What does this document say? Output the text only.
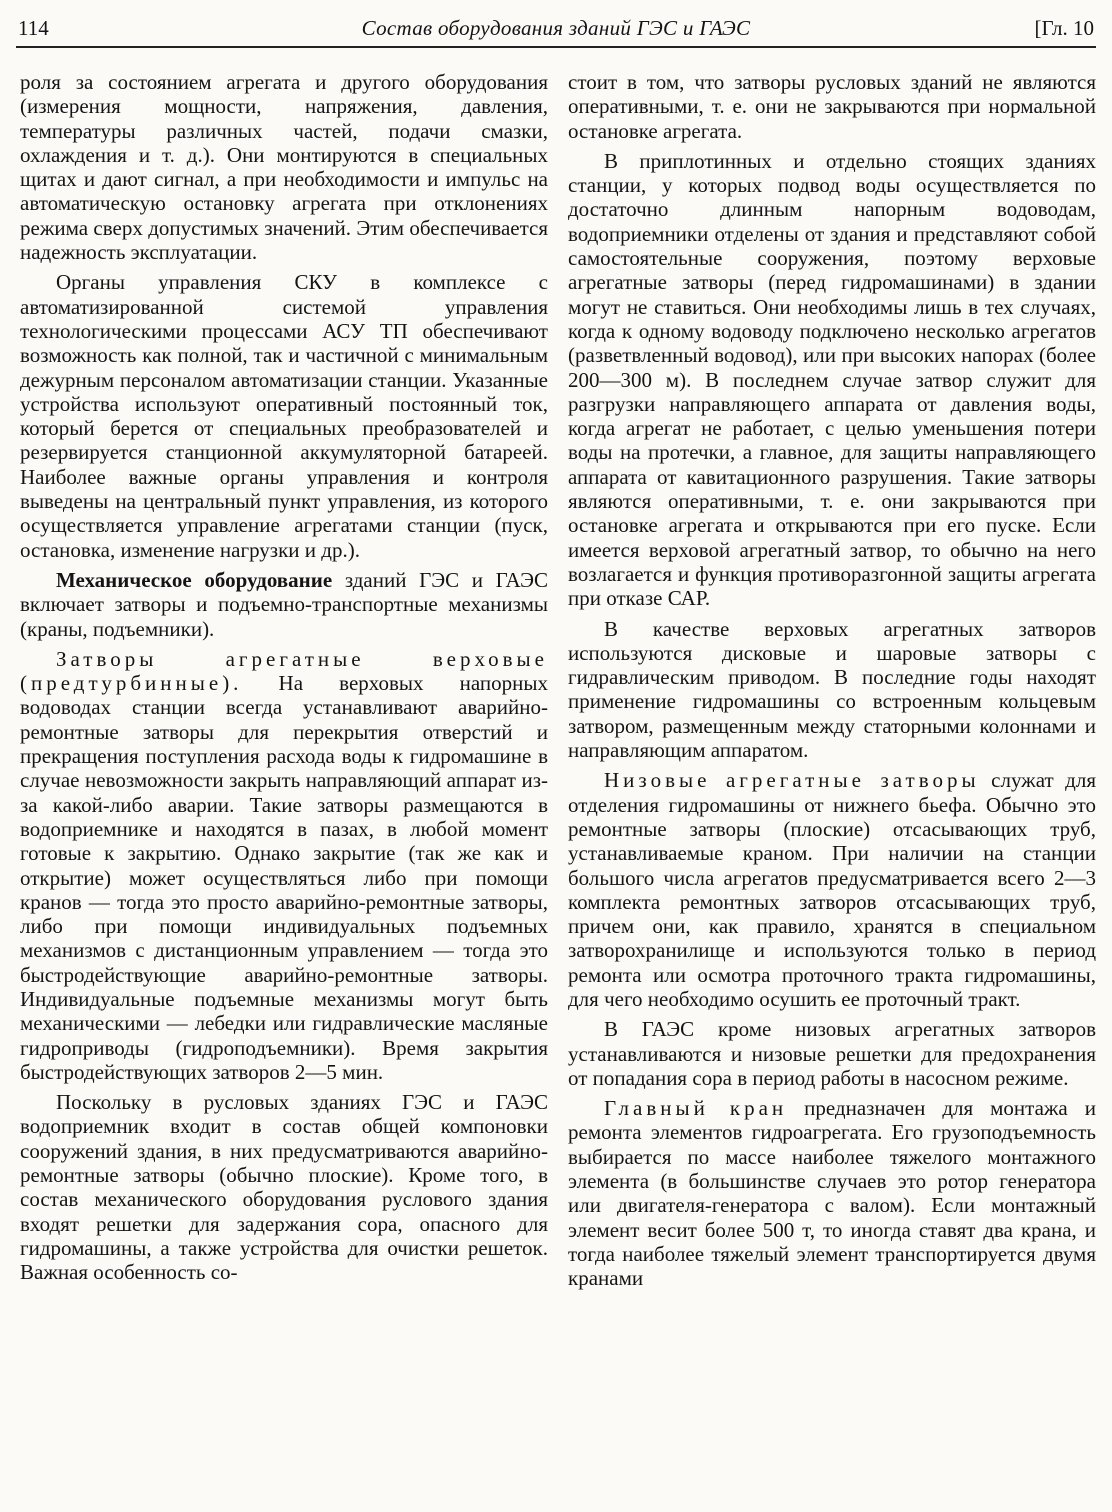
114	Состав оборудования зданий ГЭС и ГАЭС	[Гл. 10

роля за состоянием агрегата и другого оборудования (измерения мощности, напряжения, давления, температуры различных частей, подачи смазки, охлаждения и т. д.). Они монтируются в специальных щитах и дают сигнал, а при необходимости и импульс на автоматическую остановку агрегата при отклонениях режима сверх допустимых значений. Этим обеспечивается надежность эксплуатации.

Органы управления СКУ в комплексе с автоматизированной системой управления технологическими процессами АСУ ТП обеспечивают возможность как полной, так и частичной с минимальным дежурным персоналом автоматизации станции. Указанные устройства используют оперативный постоянный ток, который берется от специальных преобразователей и резервируется станционной аккумуляторной батареей. Наиболее важные органы управления и контроля выведены на центральный пункт управления, из которого осуществляется управление агрегатами станции (пуск, остановка, изменение нагрузки и др.).

Механическое оборудование зданий ГЭС и ГАЭС включает затворы и подъемно-транспортные механизмы (краны, подъемники).

Затворы агрегатные верховые (предтурбинные). На верховых напорных водоводах станции всегда устанавливают аварийно-ремонтные затворы для перекрытия отверстий и прекращения поступления расхода воды к гидромашине в случае невозможности закрыть направляющий аппарат из-за какой-либо аварии. Такие затворы размещаются в водоприемнике и находятся в пазах, в любой момент готовые к закрытию. Однако закрытие (так же как и открытие) может осуществляться либо при помощи кранов — тогда это просто аварийно-ремонтные затворы, либо при помощи индивидуальных подъемных механизмов с дистанционным управлением — тогда это быстродействующие аварийно-ремонтные затворы. Индивидуальные подъемные механизмы могут быть механическими — лебедки или гидравлические масляные гидроприводы (гидроподъемники). Время закрытия быстродействующих затворов 2—5 мин.

Поскольку в русловых зданиях ГЭС и ГАЭС водоприемник входит в состав общей компоновки сооружений здания, в них предусматриваются аварийно-ремонтные затворы (обычно плоские). Кроме того, в состав механического оборудования руслового здания входят решетки для задержания сора, опасного для гидромашины, а также устройства для очистки решеток. Важная особенность со-

стоит в том, что затворы русловых зданий не являются оперативными, т. е. они не закрываются при нормальной остановке агрегата.

В приплотинных и отдельно стоящих зданиях станции, у которых подвод воды осуществляется по достаточно длинным напорным водоводам, водоприемники отделены от здания и представляют собой самостоятельные сооружения, поэтому верховые агрегатные затворы (перед гидромашинами) в здании могут не ставиться. Они необходимы лишь в тех случаях, когда к одному водоводу подключено несколько агрегатов (разветвленный водовод), или при высоких напорах (более 200—300 м). В последнем случае затвор служит для разгрузки направляющего аппарата от давления воды, когда агрегат не работает, с целью уменьшения потери воды на протечки, а главное, для защиты направляющего аппарата от кавитационного разрушения. Такие затворы являются оперативными, т. е. они закрываются при остановке агрегата и открываются при его пуске. Если имеется верховой агрегатный затвор, то обычно на него возлагается и функция противоразгонной защиты агрегата при отказе САР.

В качестве верховых агрегатных затворов используются дисковые и шаровые затворы с гидравлическим приводом. В последние годы находят применение гидромашины со встроенным кольцевым затвором, размещенным между статорными колоннами и направляющим аппаратом.

Низовые агрегатные затворы служат для отделения гидромашины от нижнего бьефа. Обычно это ремонтные затворы (плоские) отсасывающих труб, устанавливаемые краном. При наличии на станции большого числа агрегатов предусматривается всего 2—3 комплекта ремонтных затворов отсасывающих труб, причем они, как правило, хранятся в специальном затворохранилище и используются только в период ремонта или осмотра проточного тракта гидромашины, для чего необходимо осушить ее проточный тракт.

В ГАЭС кроме низовых агрегатных затворов устанавливаются и низовые решетки для предохранения от попадания сора в период работы в насосном режиме.

Главный кран предназначен для монтажа и ремонта элементов гидроагрегата. Его грузоподъемность выбирается по массе наиболее тяжелого монтажного элемента (в большинстве случаев это ротор генератора или двигателя-генератора с валом). Если монтажный элемент весит более 500 т, то иногда ставят два крана, и тогда наиболее тяжелый элемент транспортируется двумя кранами
